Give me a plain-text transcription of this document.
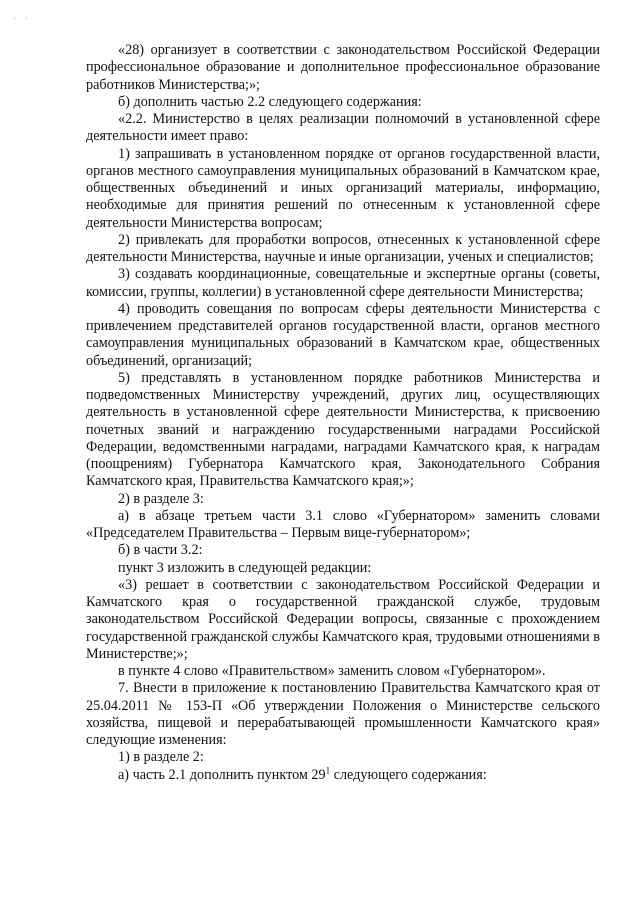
' '

«28) организует в соответствии с законодательством Российской Федерации профессиональное образование и дополнительное профессиональное образование работников Министерства;»;

б) дополнить частью 2.2 следующего содержания:

«2.2. Министерство в целях реализации полномочий в установленной сфере деятельности имеет право:

1) запрашивать в установленном порядке от органов государственной власти, органов местного самоуправления муниципальных образований в Камчатском крае, общественных объединений и иных организаций материалы, информацию, необходимые для принятия решений по отнесенным к установленной сфере деятельности Министерства вопросам;

2) привлекать для проработки вопросов, отнесенных к установленной сфере деятельности Министерства, научные и иные организации, ученых и специалистов;

3) создавать координационные, совещательные и экспертные органы (советы, комиссии, группы, коллегии) в установленной сфере деятельности Министерства;

4) проводить совещания по вопросам сферы деятельности Министерства с привлечением представителей органов государственной власти, органов местного самоуправления муниципальных образований в Камчатском крае, общественных объединений, организаций;

5) представлять в установленном порядке работников Министерства и подведомственных Министерству учреждений, других лиц, осуществляющих деятельность в установленной сфере деятельности Министерства, к присвоению почетных званий и награждению государственными наградами Российской Федерации, ведомственными наградами, наградами Камчатского края, к наградам (поощрениям) Губернатора Камчатского края, Законодательного Собрания Камчатского края, Правительства Камчатского края;»;

2) в разделе 3:

а) в абзаце третьем части 3.1 слово «Губернатором» заменить словами «Председателем Правительства – Первым вице-губернатором»;

б) в части 3.2:

пункт 3 изложить в следующей редакции:

«3) решает в соответствии с законодательством Российской Федерации и Камчатского края о государственной гражданской службе, трудовым законодательством Российской Федерации вопросы, связанные с прохождением государственной гражданской службы Камчатского края, трудовыми отношениями в Министерстве;»;

в пункте 4 слово «Правительством» заменить словом «Губернатором».

7. Внести в приложение к постановлению Правительства Камчатского края от 25.04.2011 № 153-П «Об утверждении Положения о Министерстве сельского хозяйства, пищевой и перерабатывающей промышленности Камчатского края» следующие изменения:

1) в разделе 2:

а) часть 2.1 дополнить пунктом $29^1$ следующего содержания:
